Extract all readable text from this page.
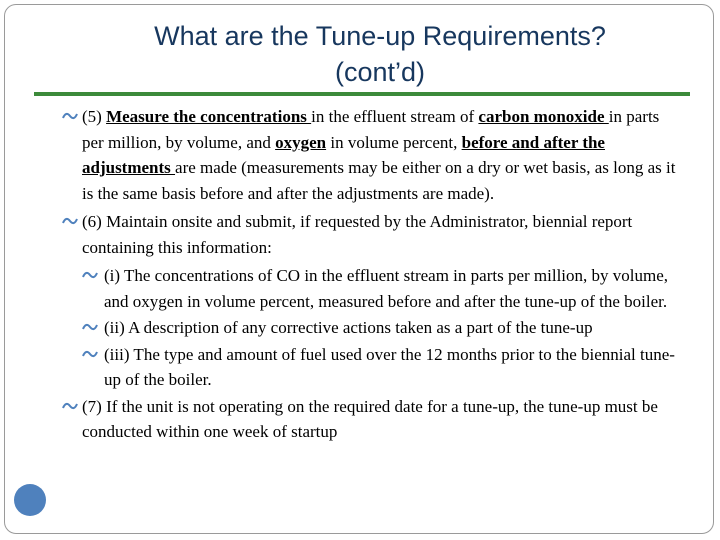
What are the Tune-up Requirements?
(cont’d)
(5) Measure the concentrations in the effluent stream of carbon monoxide in parts per million, by volume, and oxygen in volume percent, before and after the adjustments are made (measurements may be either on a dry or wet basis, as long as it is the same basis before and after the adjustments are made).
(6) Maintain onsite and submit, if requested by the Administrator, biennial report containing this information:
(i) The concentrations of CO in the effluent stream in parts per million, by volume, and oxygen in volume percent, measured before and after the tune-up of the boiler.
(ii) A description of any corrective actions taken as a part of the tune-up
(iii) The type and amount of fuel used over the 12 months prior to the biennial tune-up of the boiler.
(7) If the unit is not operating on the required date for a tune-up, the tune-up must be conducted within one week of startup
